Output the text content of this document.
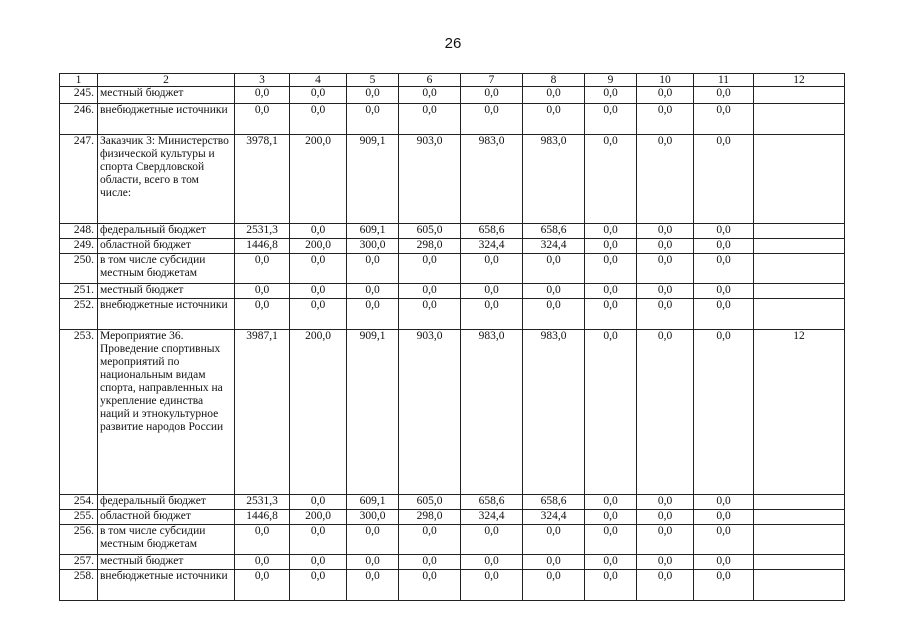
26
1	2	3	4	5	6	7	8	9	10	11	12
245.	местный бюджет	0,0	0,0	0,0	0,0	0,0	0,0	0,0	0,0	0,0	
246.	внебюджетные источники	0,0	0,0	0,0	0,0	0,0	0,0	0,0	0,0	0,0	
247.	Заказчик 3: Министерство физической культуры и спорта Свердловской области, всего в том числе:	3978,1	200,0	909,1	903,0	983,0	983,0	0,0	0,0	0,0	
248.	федеральный бюджет	2531,3	0,0	609,1	605,0	658,6	658,6	0,0	0,0	0,0	
249.	областной бюджет	1446,8	200,0	300,0	298,0	324,4	324,4	0,0	0,0	0,0	
250.	в том числе субсидии местным бюджетам	0,0	0,0	0,0	0,0	0,0	0,0	0,0	0,0	0,0	
251.	местный бюджет	0,0	0,0	0,0	0,0	0,0	0,0	0,0	0,0	0,0	
252.	внебюджетные источники	0,0	0,0	0,0	0,0	0,0	0,0	0,0	0,0	0,0	
253.	Мероприятие 36. Проведение спортивных мероприятий по национальным видам спорта, направленных на укрепление единства наций и этнокультурное развитие народов России	3987,1	200,0	909,1	903,0	983,0	983,0	0,0	0,0	0,0	12
254.	федеральный бюджет	2531,3	0,0	609,1	605,0	658,6	658,6	0,0	0,0	0,0	
255.	областной бюджет	1446,8	200,0	300,0	298,0	324,4	324,4	0,0	0,0	0,0	
256.	в том числе субсидии местным бюджетам	0,0	0,0	0,0	0,0	0,0	0,0	0,0	0,0	0,0	
257.	местный бюджет	0,0	0,0	0,0	0,0	0,0	0,0	0,0	0,0	0,0	
258.	внебюджетные источники	0,0	0,0	0,0	0,0	0,0	0,0	0,0	0,0	0,0	
